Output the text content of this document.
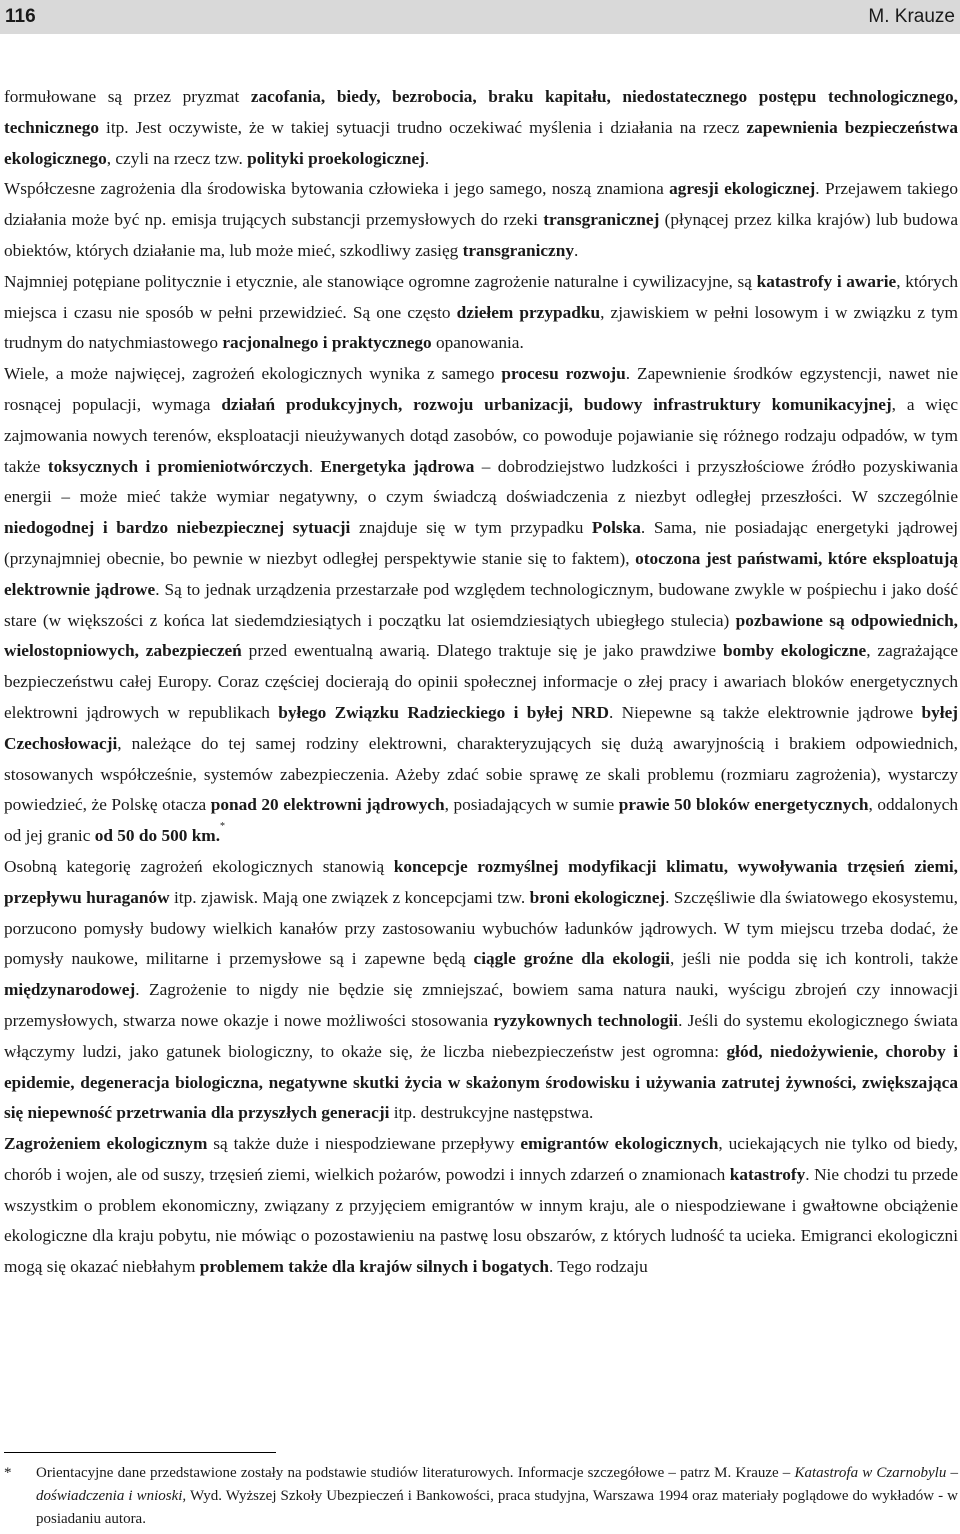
116	M. Krauze

formułowane są przez pryzmat zacofania, biedy, bezrobocia, braku kapitału, niedostatecznego postępu technologicznego, technicznego itp. Jest oczywiste, że w takiej sytuacji trudno oczekiwać myślenia i działania na rzecz zapewnienia bezpieczeństwa ekologicznego, czyli na rzecz tzw. polityki proekologicznej.

Współczesne zagrożenia dla środowiska bytowania człowieka i jego samego, noszą znamiona agresji ekologicznej. Przejawem takiego działania może być np. emisja trujących substancji przemysłowych do rzeki transgranicznej (płynącej przez kilka krajów) lub budowa obiektów, których działanie ma, lub może mieć, szkodliwy zasięg transgraniczny.

Najmniej potępiane politycznie i etycznie, ale stanowiące ogromne zagrożenie naturalne i cywilizacyjne, są katastrofy i awarie, których miejsca i czasu nie sposób w pełni przewidzieć. Są one często dziełem przypadku, zjawiskiem w pełni losowym i w związku z tym trudnym do natychmiastowego racjonalnego i praktycznego opanowania.

Wiele, a może najwięcej, zagrożeń ekologicznych wynika z samego procesu rozwoju. Zapewnienie środków egzystencji, nawet nie rosnącej populacji, wymaga działań produkcyjnych, rozwoju urbanizacji, budowy infrastruktury komunikacyjnej, a więc zajmowania nowych terenów, eksploatacji nieużywanych dotąd zasobów, co powoduje pojawianie się różnego rodzaju odpadów, w tym także toksycznych i promieniotwórczych. Energetyka jądrowa – dobrodziejstwo ludzkości i przyszłościowe źródło pozyskiwania energii – może mieć także wymiar negatywny, o czym świadczą doświadczenia z niezbyt odległej przeszłości. W szczególnie niedogodnej i bardzo niebezpiecznej sytuacji znajduje się w tym przypadku Polska. Sama, nie posiadając energetyki jądrowej (przynajmniej obecnie, bo pewnie w niezbyt odległej perspektywie stanie się to faktem), otoczona jest państwami, które eksploatują elektrownie jądrowe. Są to jednak urządzenia przestarzałe pod względem technologicznym, budowane zwykle w pośpiechu i jako dość stare (w większości z końca lat siedemdziesiątych i początku lat osiemdziesiątych ubiegłego stulecia) pozbawione są odpowiednich, wielostopniowych, zabezpieczeń przed ewentualną awarią. Dlatego traktuje się je jako prawdziwe bomby ekologiczne, zagrażające bezpieczeństwu całej Europy. Coraz częściej docierają do opinii społecznej informacje o złej pracy i awariach bloków energetycznych elektrowni jądrowych w republikach byłego Związku Radzieckiego i byłej NRD. Niepewne są także elektrownie jądrowe byłej Czechosłowacji, należące do tej samej rodziny elektrowni, charakteryzujących się dużą awaryjnością i brakiem odpowiednich, stosowanych współcześnie, systemów zabezpieczenia. Ażeby zdać sobie sprawę ze skali problemu (rozmiaru zagrożenia), wystarczy powiedzieć, że Polskę otacza ponad 20 elektrowni jądrowych, posiadających w sumie prawie 50 bloków energetycznych, oddalonych od jej granic od 50 do 500 km.*

Osobną kategorię zagrożeń ekologicznych stanowią koncepcje rozmyślnej modyfikacji klimatu, wywoływania trzęsień ziemi, przepływu huraganów itp. zjawisk. Mają one związek z koncepcjami tzw. broni ekologicznej. Szczęśliwie dla światowego ekosystemu, porzucono pomysły budowy wielkich kanałów przy zastosowaniu wybuchów ładunków jądrowych. W tym miejscu trzeba dodać, że pomysły naukowe, militarne i przemysłowe są i zapewne będą ciągle groźne dla ekologii, jeśli nie podda się ich kontroli, także międzynarodowej. Zagrożenie to nigdy nie będzie się zmniejszać, bowiem sama natura nauki, wyścigu zbrojeń czy innowacji przemysłowych, stwarza nowe okazje i nowe możliwości stosowania ryzykownych technologii. Jeśli do systemu ekologicznego świata włączymy ludzi, jako gatunek biologiczny, to okaże się, że liczba niebezpieczeństw jest ogromna: głód, niedożywienie, choroby i epidemie, degeneracja biologiczna, negatywne skutki życia w skażonym środowisku i używania zatrutej żywności, zwiększająca się niepewność przetrwania dla przyszłych generacji itp. destrukcyjne następstwa.

Zagrożeniem ekologicznym są także duże i niespodziewane przepływy emigrantów ekologicznych, uciekających nie tylko od biedy, chorób i wojen, ale od suszy, trzęsień ziemi, wielkich pożarów, powodzi i innych zdarzeń o znamionach katastrofy. Nie chodzi tu przede wszystkim o problem ekonomiczny, związany z przyjęciem emigrantów w innym kraju, ale o niespodziewane i gwałtowne obciążenie ekologiczne dla kraju pobytu, nie mówiąc o pozostawieniu na pastwę losu obszarów, z których ludność ta ucieka. Emigranci ekologiczni mogą się okazać niebłahym problemem także dla krajów silnych i bogatych. Tego rodzaju

* Orientacyjne dane przedstawione zostały na podstawie studiów literaturowych. Informacje szczegółowe – patrz M. Krauze – Katastrofa w Czarnobylu – doświadczenia i wnioski, Wyd. Wyższej Szkoły Ubezpieczeń i Bankowości, praca studyjna, Warszawa 1994 oraz materiały poglądowe do wykładów - w posiadaniu autora.
